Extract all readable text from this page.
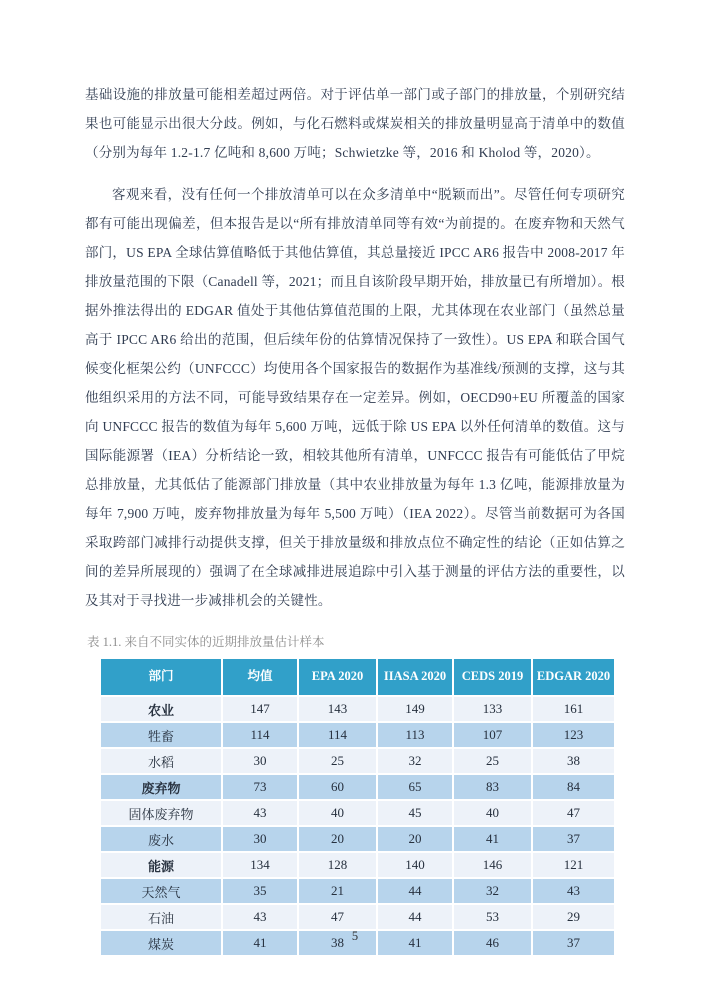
基础设施的排放量可能相差超过两倍。对于评估单一部门或子部门的排放量，个别研究结果也可能显示出很大分歧。例如，与化石燃料或煤炭相关的排放量明显高于清单中的数值（分别为每年 1.2-1.7 亿吨和 8,600 万吨；Schwietzke 等，2016 和 Kholod 等，2020）。

客观来看，没有任何一个排放清单可以在众多清单中“脱颖而出”。尽管任何专项研究都有可能出现偏差，但本报告是以“所有排放清单同等有效“为前提的。在废弃物和天然气部门，US EPA 全球估算值略低于其他估算值，其总量接近 IPCC AR6 报告中 2008-2017 年排放量范围的下限（Canadell 等，2021；而且自该阶段早期开始，排放量已有所增加）。根据外推法得出的 EDGAR 值处于其他估算值范围的上限，尤其体现在农业部门（虽然总量高于 IPCC AR6 给出的范围，但后续年份的估算情况保持了一致性）。US EPA 和联合国气候变化框架公约（UNFCCC）均使用各个国家报告的数据作为基准线/预测的支撑，这与其他组织采用的方法不同，可能导致结果存在一定差异。例如，OECD90+EU 所覆盖的国家向 UNFCCC 报告的数值为每年 5,600 万吨，远低于除 US EPA 以外任何清单的数值。这与国际能源署（IEA）分析结论一致，相较其他所有清单，UNFCCC 报告有可能低估了甲烷总排放量，尤其低估了能源部门排放量（其中农业排放量为每年 1.3 亿吨，能源排放量为每年 7,900 万吨，废弃物排放量为每年 5,500 万吨）（IEA 2022）。尽管当前数据可为各国采取跨部门减排行动提供支撑，但关于排放量级和排放点位不确定性的结论（正如估算之间的差异所展现的）强调了在全球减排进展追踪中引入基于测量的评估方法的重要性，以及其对于寻找进一步减排机会的关键性。

表 1.1. 来自不同实体的近期排放量估计样本
部门	均值	EPA 2020	IIASA 2020	CEDS 2019	EDGAR 2020
农业	147	143	149	133	161
牲畜	114	114	113	107	123
水稻	30	25	32	25	38
废弃物	73	60	65	83	84
固体废弃物	43	40	45	40	47
废水	30	20	20	41	37
能源	134	128	140	146	121
天然气	35	21	44	32	43
石油	43	47	44	53	29
煤炭	41	38	41	46	37
5
